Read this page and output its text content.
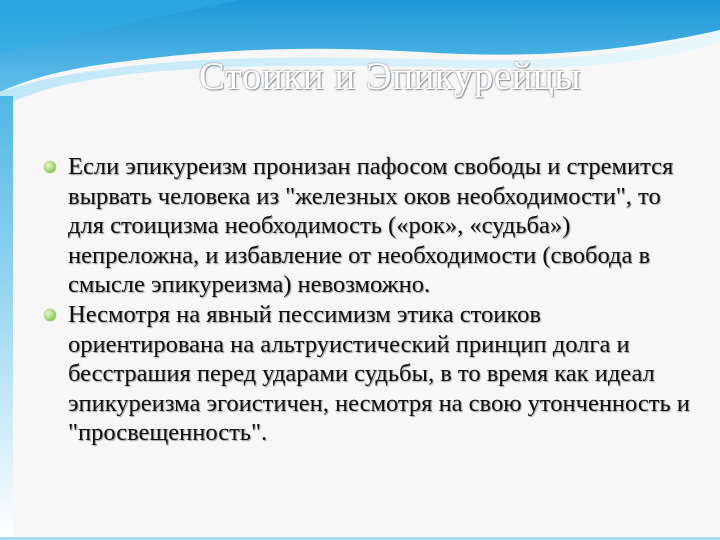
Стоики и Эпикурейцы
Если эпикуреизм пронизан пафосом свободы и стремится вырвать человека из "железных оков необходимости", то для стоицизма необходимость («рок», «судьба») непреложна, и избавление от необходимости (свобода в смысле эпикуреизма) невозможно.
Несмотря на явный пессимизм этика стоиков ориентирована на альтруистический принцип долга и бесстрашия перед ударами судьбы, в то время как идеал эпикуреизма эгоистичен, несмотря на свою утонченность и "просвещенность".
